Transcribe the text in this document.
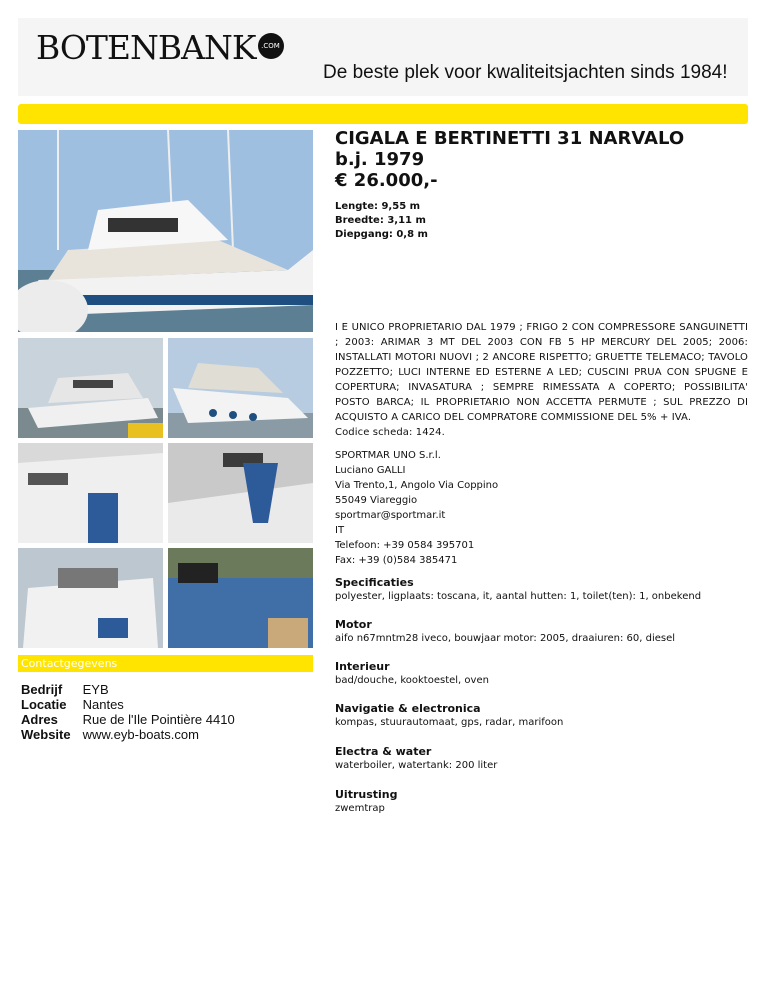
BOTENBANK .COM
De beste plek voor kwaliteitsjachten sinds 1984!
CIGALA E BERTINETTI 31 NARVALO
b.j. 1979
€ 26.000,-
Lengte: 9,55 m
Breedte: 3,11 m
Diepgang: 0,8 m
I E UNICO PROPRIETARIO DAL 1979 ; FRIGO 2 CON COMPRESSORE SANGUINETTI ; 2003: ARIMAR 3 MT DEL 2003 CON FB 5 HP MERCURY DEL 2005; 2006: INSTALLATI MOTORI NUOVI ; 2 ANCORE RISPETTO; GRUETTE TELEMACO; TAVOLO POZZETTO; LUCI INTERNE ED ESTERNE A LED; CUSCINI PRUA CON SPUGNE E COPERTURA; INVASATURA ; SEMPRE RIMESSATA A COPERTO; POSSIBILITA' POSTO BARCA; IL PROPRIETARIO NON ACCETTA PERMUTE ; SUL PREZZO DI ACQUISTO A CARICO DEL COMPRATORE COMMISSIONE DEL 5% + IVA.
Codice scheda: 1424.
SPORTMAR UNO S.r.l.
Luciano GALLI
Via Trento,1, Angolo Via Coppino
55049 Viareggio
sportmar@sportmar.it
IT
Telefoon: +39 0584 395701
Fax: +39 (0)584 385471
Specificaties
polyester, ligplaats: toscana, it, aantal hutten: 1, toilet(ten): 1, onbekend
Motor
aifo n67mntm28 iveco, bouwjaar motor: 2005, draaiuren: 60, diesel
Interieur
bad/douche, kooktoestel, oven
Navigatie & electronica
kompas, stuurautomaat, gps, radar, marifoon
Electra & water
waterboiler, watertank: 200 liter
Uitrusting
zwemtrap
Contactgegevens
Bedrijf	EYB
Locatie	Nantes
Adres	Rue de l'Ile Pointière 4410
Website	www.eyb-boats.com
